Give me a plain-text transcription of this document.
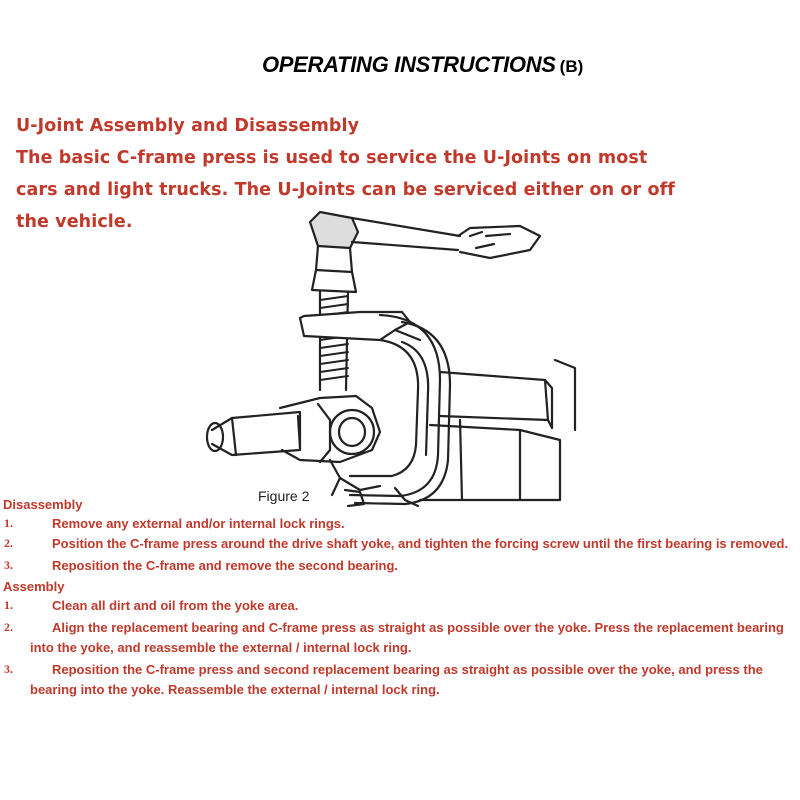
OPERATING INSTRUCTIONS (B)
U-Joint Assembly and Disassembly
The basic C-frame press is used to service the U-Joints on most
cars and light trucks. The U-Joints can be serviced either on or off
the vehicle.
Figure 2
Disassembly
1.	Remove any external and/or internal lock rings.
2.	Position the C-frame press around the drive shaft yoke, and tighten the forcing screw until the first bearing is removed.
3.	Reposition the C-frame and remove the second bearing.
Assembly
1.	Clean all dirt and oil from the yoke area.
2.	Align the replacement bearing and C-frame press as straight as possible over the yoke. Press the replacement bearing into the yoke, and reassemble the external / internal lock ring.
3.	Reposition the C-frame press and second replacement bearing as straight as possible over the yoke, and press the bearing into the yoke. Reassemble the external / internal lock ring.
